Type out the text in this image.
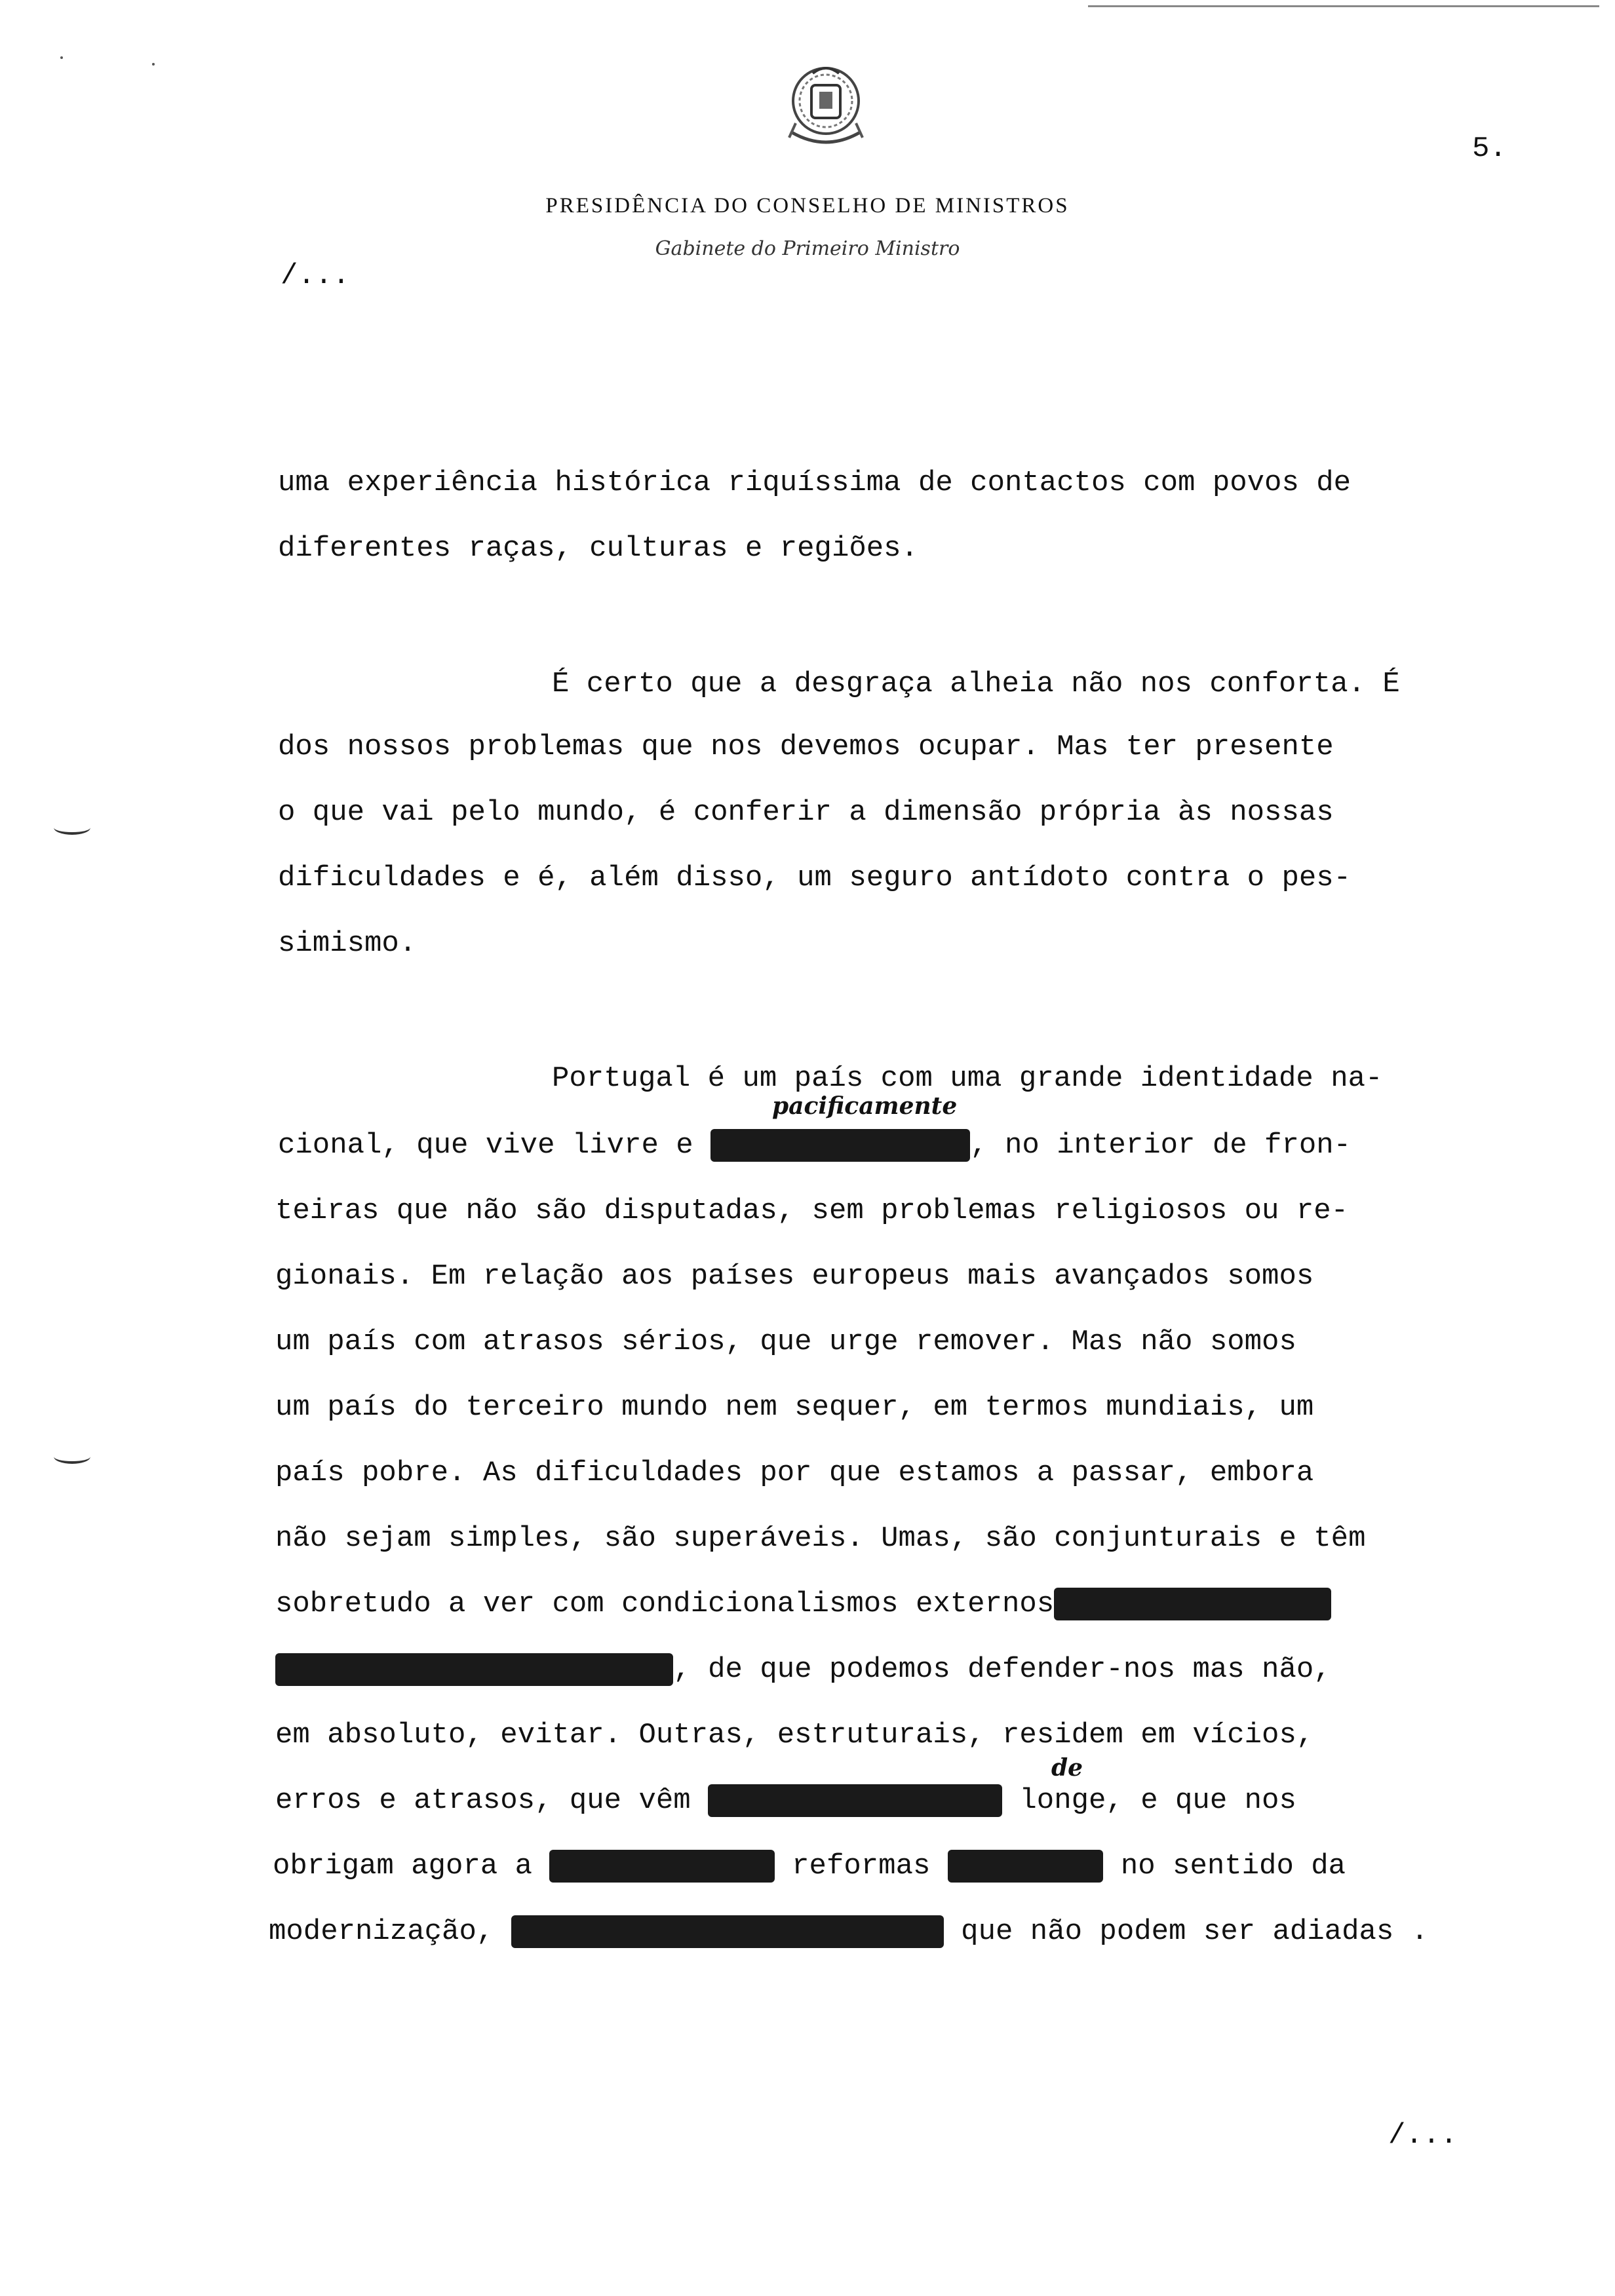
PRESIDÊNCIA DO CONSELHO DE MINISTROS
Gabinete do Primeiro Ministro
5.
/...
uma experiência histórica riquíssima de contactos com povos de
diferentes raças, culturas e regiões.
É certo que a desgraça alheia não nos conforta. É
dos nossos problemas que nos devemos ocupar. Mas ter presente
o que vai pelo mundo, é conferir a dimensão própria às nossas
dificuldades e é, além disso, um seguro antídoto contra o pes-
simismo.
Portugal é um país com uma grande identidade na-
pacificamente
cional, que vive livre e	, no interior de fron-
teiras que não são disputadas, sem problemas religiosos ou re-
gionais. Em relação aos países europeus mais avançados somos
um país com atrasos sérios, que urge remover. Mas não somos
um país do terceiro mundo nem sequer, em termos mundiais, um
país pobre. As dificuldades por que estamos a passar, embora
não sejam simples, são superáveis. Umas, são conjunturais e têm
sobretudo a ver com condicionalismos externos
, de que podemos defender-nos mas não,
em absoluto, evitar. Outras, estruturais, residem em vícios,
de
erros e atrasos, que vêm	longe, e que nos
obrigam agora a	reformas	no sentido da
modernização,	que não podem ser adiadas .
/...
